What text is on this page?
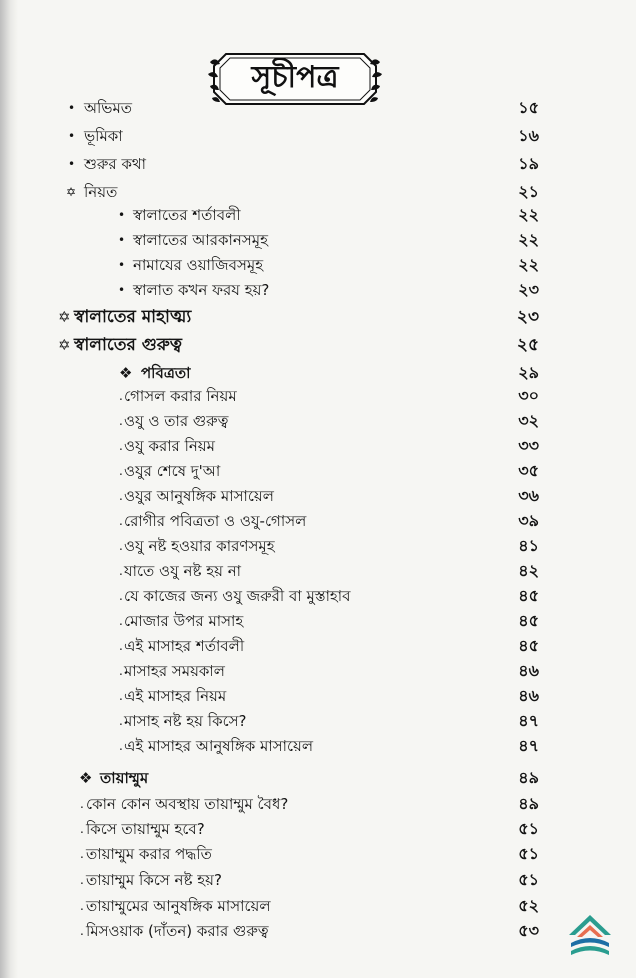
সূচীপত্র
• অভিমত	১৫
• ভূমিকা	১৬
• শুরুর কথা	১৯
✡ নিয়ত	২১
• স্বালাতের শর্তাবলী	২২
• স্বালাতের আরকানসমূহ	২২
• নামাযের ওয়াজিবসমূহ	২২
• স্বালাত কখন ফরয হয়?	২৩
✡ স্বালাতের মাহাত্ম্য	২৩
✡ স্বালাতের গুরুত্ব	২৫
❖ পবিত্রতা	২৯
. গোসল করার নিয়ম	৩০
. ওযু ও তার গুরুত্ব	৩২
. ওযু করার নিয়ম	৩৩
. ওযুর শেষে দু'আ	৩৫
. ওযুর আনুষঙ্গিক মাসায়েল	৩৬
. রোগীর পবিত্রতা ও ওযু-গোসল	৩৯
. ওযু নষ্ট হওয়ার কারণসমূহ	৪১
. যাতে ওযু নষ্ট হয় না	৪২
. যে কাজের জন্য ওযু জরুরী বা মুস্তাহাব	৪৫
. মোজার উপর মাসাহ	৪৫
. এই মাসাহর শর্তাবলী	৪৫
. মাসাহর সময়কাল	৪৬
. এই মাসাহর নিয়ম	৪৬
. মাসাহ নষ্ট হয় কিসে?	৪৭
. এই মাসাহর আনুষঙ্গিক মাসায়েল	৪৭
❖ তায়াম্মুম	৪৯
. কোন কোন অবস্থায় তায়াম্মুম বৈধ?	৪৯
. কিসে তায়াম্মুম হবে?	৫১
. তায়াম্মুম করার পদ্ধতি	৫১
. তায়াম্মুম কিসে নষ্ট হয়?	৫১
. তায়াম্মুমের আনুষঙ্গিক মাসায়েল	৫২
. মিসওয়াক (দাঁতন) করার গুরুত্ব	৫৩
